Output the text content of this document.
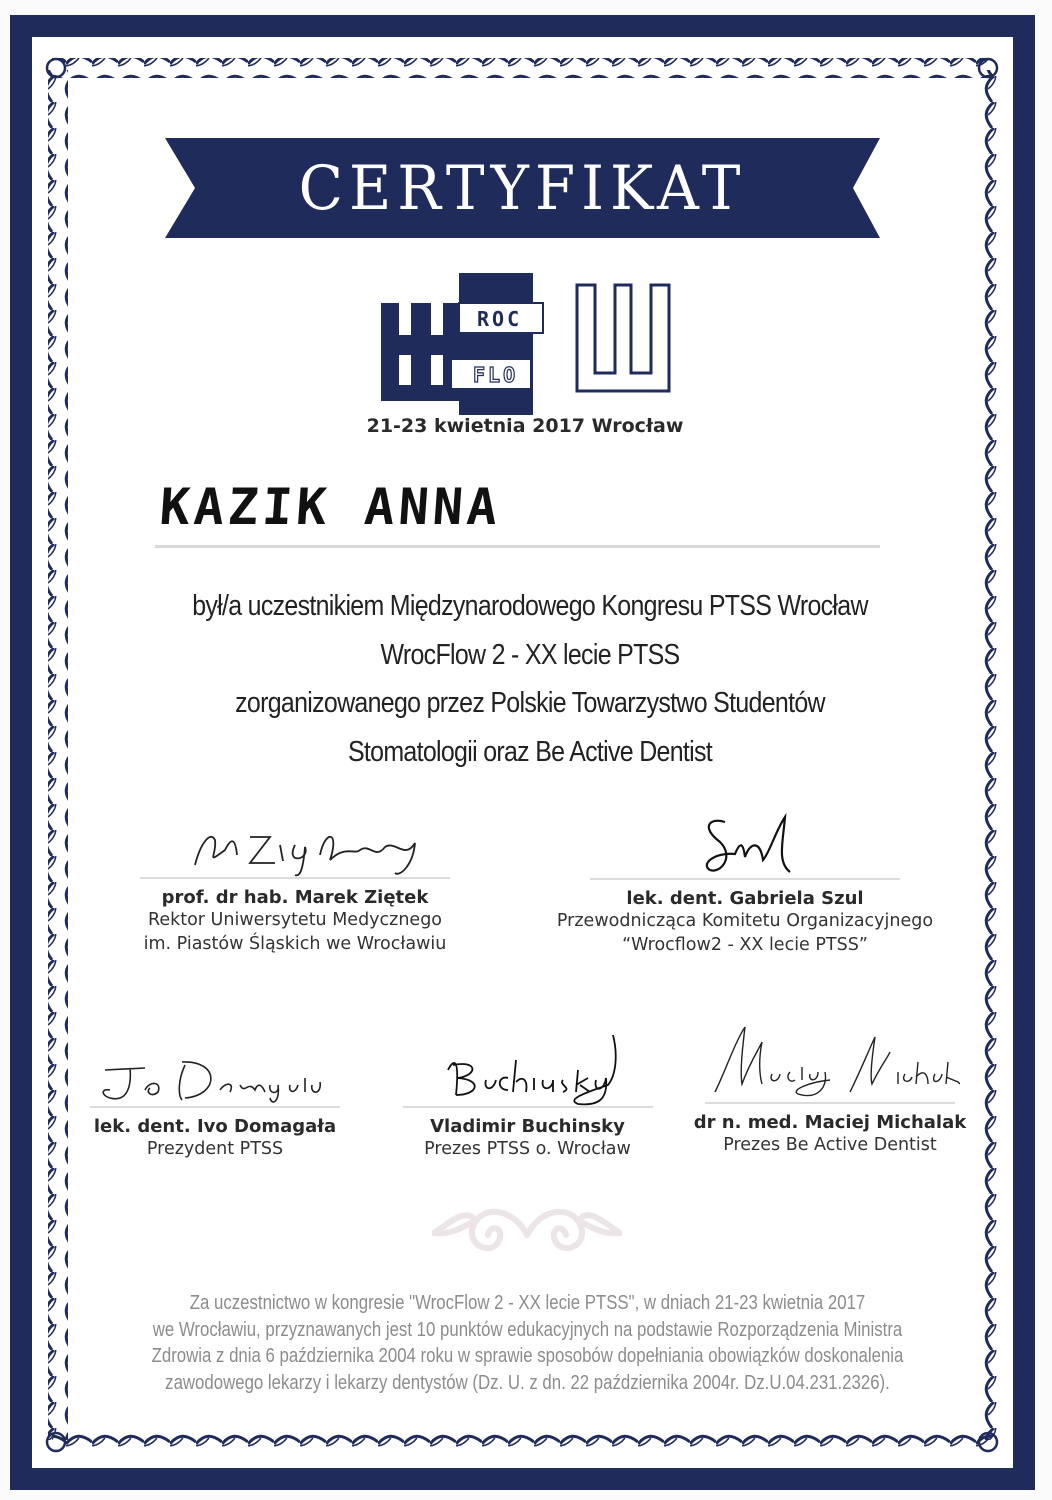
CERTYFIKAT
ROC
FLO
21-23 kwietnia 2017 Wrocław
KAZIK ANNA
był/a uczestnikiem Międzynarodowego Kongresu PTSS Wrocław
WrocFlow 2 - XX lecie PTSS
zorganizowanego przez Polskie Towarzystwo Studentów
Stomatologii oraz Be Active Dentist
prof. dr hab. Marek Ziętek
Rektor Uniwersytetu Medycznego
im. Piastów Śląskich we Wrocławiu
lek. dent. Gabriela Szul
Przewodnicząca Komitetu Organizacyjnego
“Wrocflow2 - XX lecie PTSS”
lek. dent. Ivo Domagała
Prezydent PTSS
Vladimir Buchinsky
Prezes PTSS o. Wrocław
dr n. med. Maciej Michalak
Prezes Be Active Dentist
Za uczestnictwo w kongresie "WrocFlow 2 - XX lecie PTSS", w dniach 21-23 kwietnia 2017
we Wrocławiu, przyznawanych jest 10 punktów edukacyjnych na podstawie Rozporządzenia Ministra
Zdrowia z dnia 6 października 2004 roku w sprawie sposobów dopełniania obowiązków doskonalenia
zawodowego lekarzy i lekarzy dentystów (Dz. U. z dn. 22 października 2004r. Dz.U.04.231.2326).
